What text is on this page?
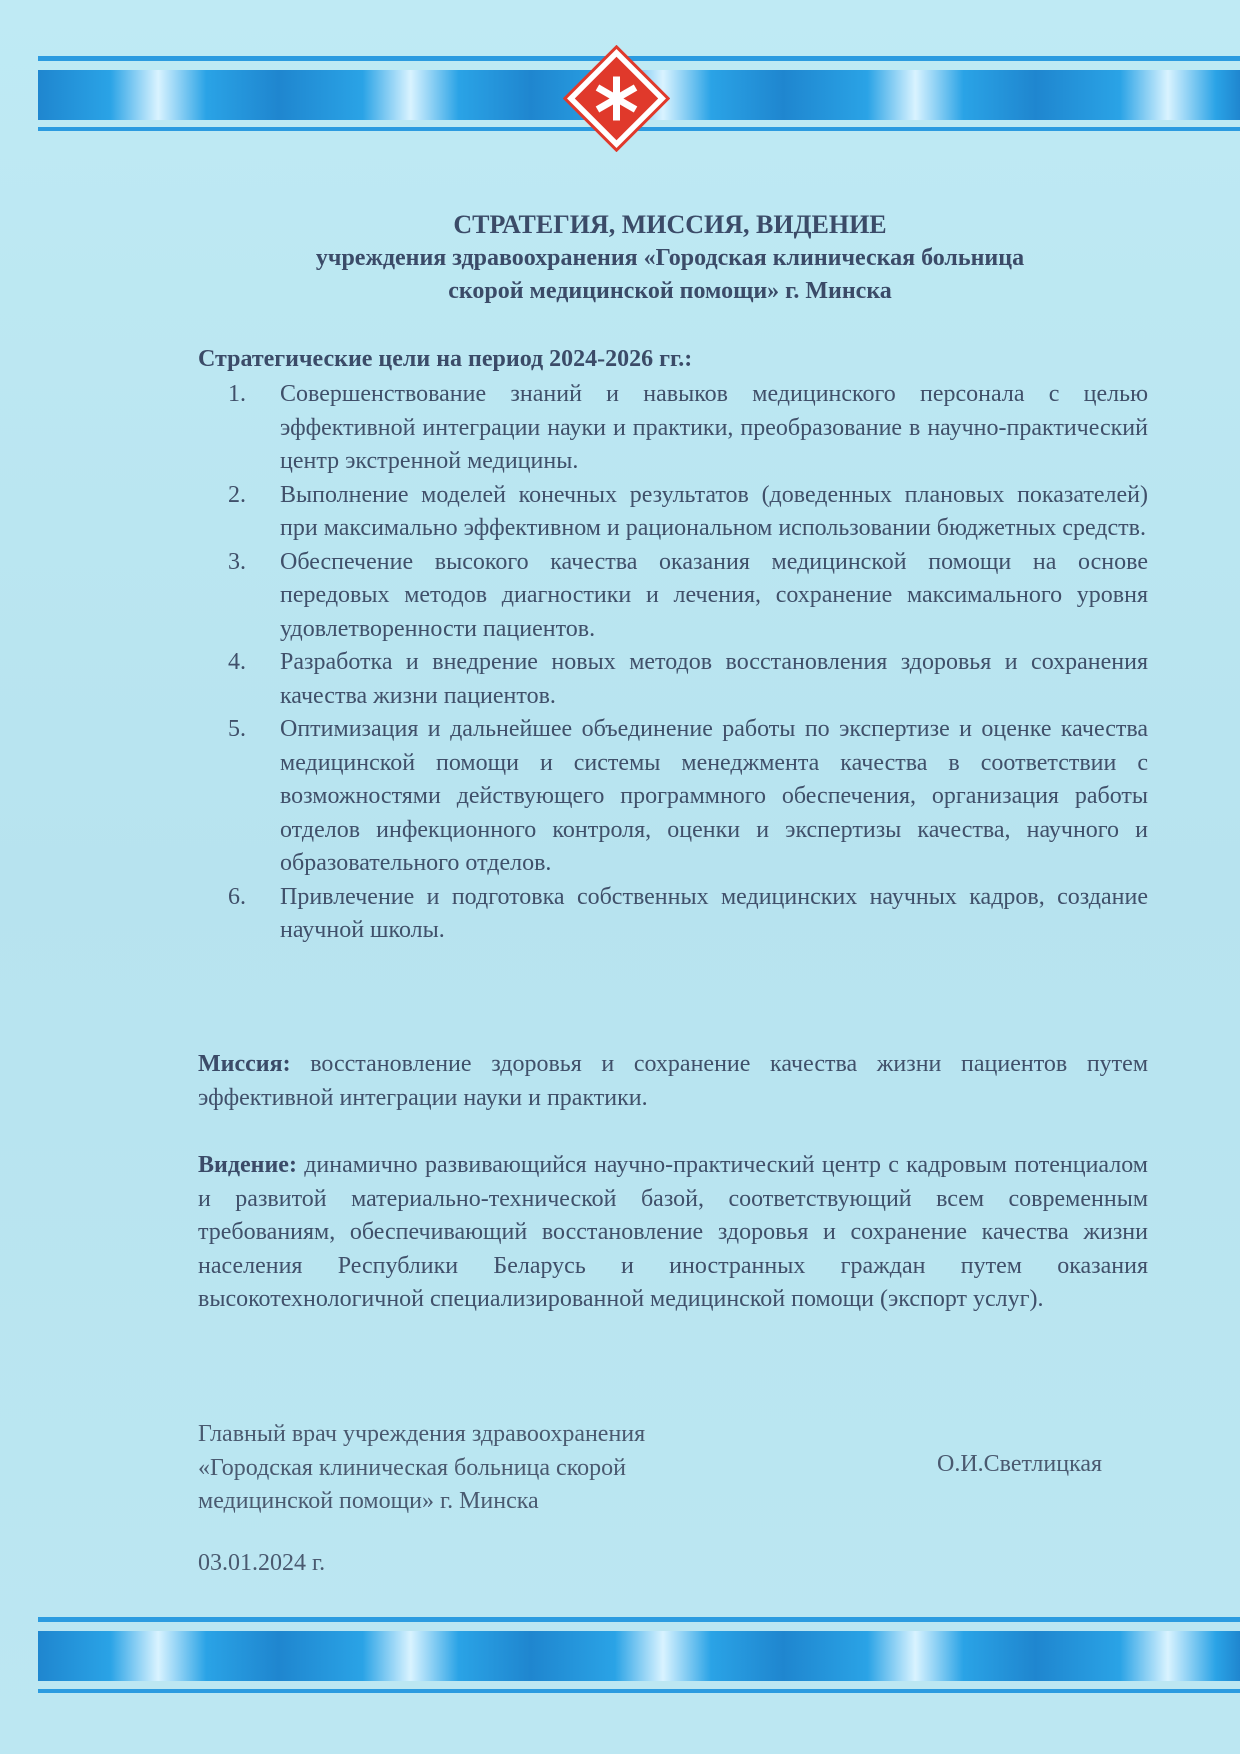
СТРАТЕГИЯ, МИССИЯ, ВИДЕНИЕ
учреждения здравоохранения «Городская клиническая больница
скорой медицинской помощи» г. Минска
Стратегические цели на период 2024-2026 гг.:
1.	Совершенствование знаний и навыков медицинского персонала с целью эффективной интеграции науки и практики, преобразование в научно-практический центр экстренной медицины.
2.	Выполнение моделей конечных результатов (доведенных плановых показателей) при максимально эффективном и рациональном использовании бюджетных средств.
3.	Обеспечение высокого качества оказания медицинской помощи на основе передовых методов диагностики и лечения, сохранение максимального уровня удовлетворенности пациентов.
4.	Разработка и внедрение новых методов восстановления здоровья и сохранения качества жизни пациентов.
5.	Оптимизация и дальнейшее объединение работы по экспертизе и оценке качества медицинской помощи и системы менеджмента качества в соответствии с возможностями действующего программного обеспечения, организация работы отделов инфекционного контроля, оценки и экспертизы качества, научного и образовательного отделов.
6.	Привлечение и подготовка собственных медицинских научных кадров, создание научной школы.
Миссия: восстановление здоровья и сохранение качества жизни пациентов путем эффективной интеграции науки и практики.
Видение: динамично развивающийся научно-практический центр с кадровым потенциалом и развитой материально-технической базой, соответствующий всем современным требованиям, обеспечивающий восстановление здоровья и сохранение качества жизни населения Республики Беларусь и иностранных граждан путем оказания высокотехнологичной специализированной медицинской помощи (экспорт услуг).
Главный врач учреждения здравоохранения
«Городская клиническая больница скорой
медицинской помощи» г. Минска
О.И.Светлицкая
03.01.2024 г.
